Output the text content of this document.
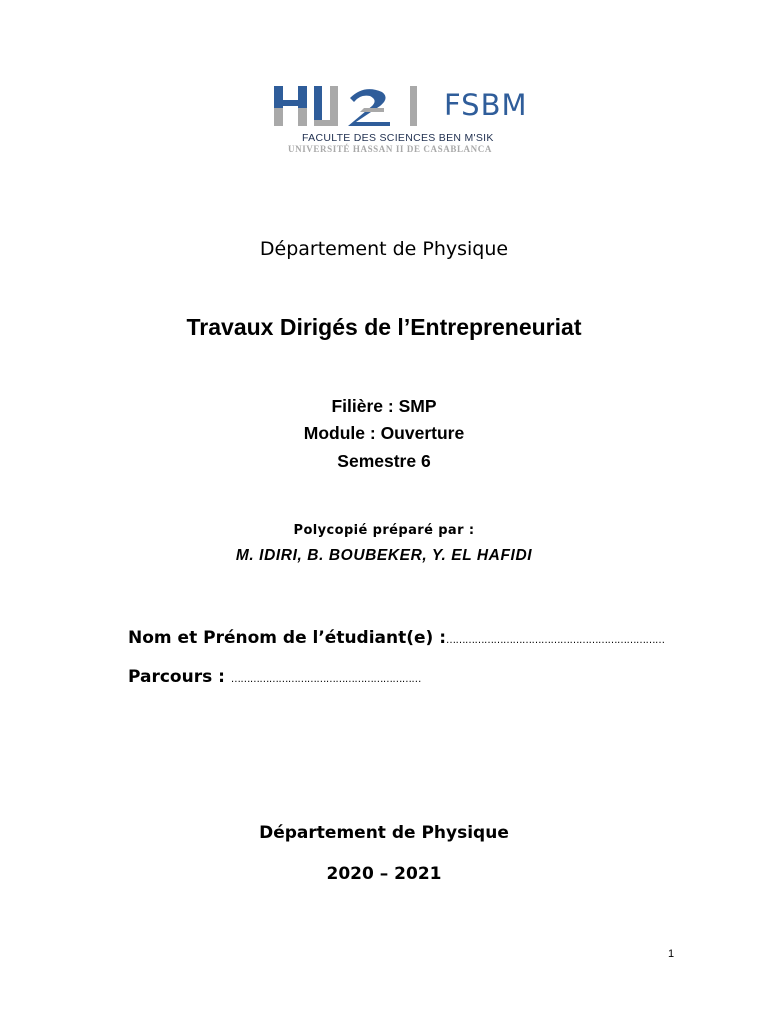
FSBM
FACULTE DES SCIENCES BEN M'SIK
UNIVERSITÉ HASSAN II DE CASABLANCA
Département de Physique
Travaux Dirigés de l’Entrepreneuriat
Filière : SMP
Module : Ouverture
Semestre 6
Polycopié préparé par :
M. IDIRI, B. BOUBEKER, Y. EL HAFIDI
Nom et Prénom de l’étudiant(e) :……………………………………………………………
Parcours : ……………………………………………………
Département de Physique
2020 – 2021
1
